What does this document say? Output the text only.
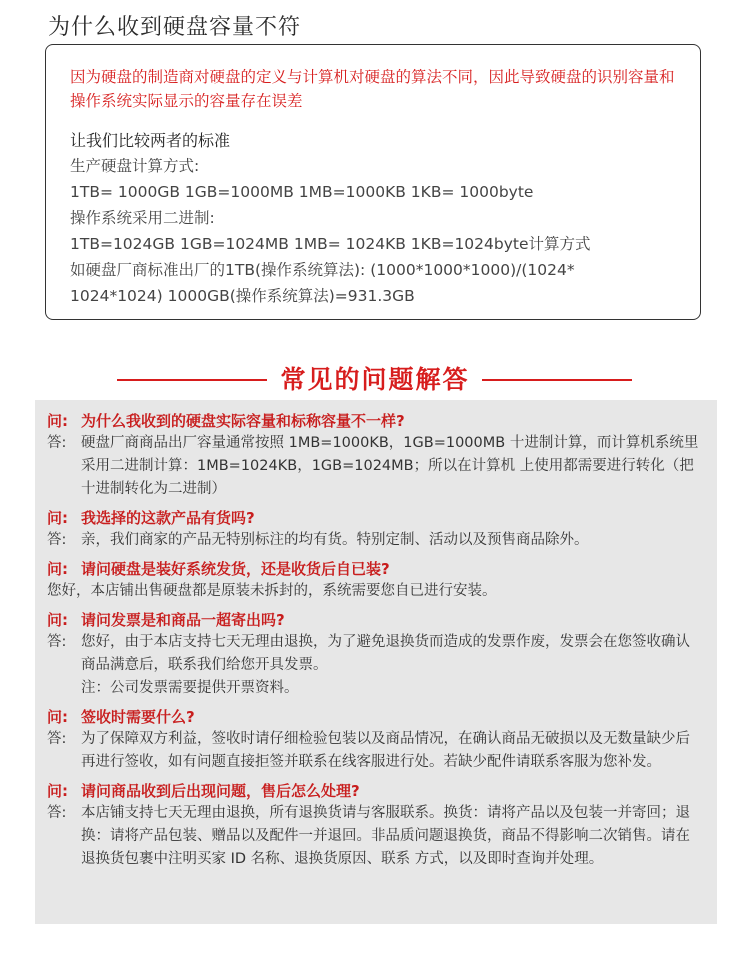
为什么收到硬盘容量不符
因为硬盘的制造商对硬盘的定义与计算机对硬盘的算法不同，因此导致硬盘的识别容量和操作系统实际显示的容量存在误差
让我们比较两者的标准
生产硬盘计算方式:
1TB= 1000GB 1GB=1000MB 1MB=1000KB 1KB= 1000byte
操作系统采用二进制:
1TB=1024GB 1GB=1024MB 1MB= 1024KB 1KB=1024byte计算方式
如硬盘厂商标准出厂的1TB(操作系统算法): (1000*1000*1000)/(1024*
1024*1024) 1000GB(操作系统算法)=931.3GB
常见的问题解答
问: 为什么我收到的硬盘实际容量和标称容量不一样?
答:	硬盘厂商商品出厂容量通常按照 1MB=1000KB，1GB=1000MB 十进制计算，而计算机系统里采用二进制计算：1MB=1024KB，1GB=1024MB；所以在计算机 上使用都需要进行转化（把十进制转化为二进制）
问: 我选择的这款产品有货吗?
答:	亲，我们商家的产品无特别标注的均有货。特别定制、活动以及预售商品除外。
问: 请问硬盘是装好系统发货，还是收货后自已装?
您好，本店铺出售硬盘都是原装未拆封的，系统需要您自已进行安装。
问: 请问发票是和商品一超寄出吗?
答:	您好，由于本店支持七天无理由退换，为了避免退换货而造成的发票作废，发票会在您签收确认商品满意后，联系我们给您开具发票。
注：公司发票需要提供开票资料。
问: 签收时需要什么?
答:	为了保障双方利益，签收时请仔细检验包装以及商品情况，在确认商品无破损以及无数量缺少后再进行签收，如有问题直接拒签并联系在线客服进行处。若缺少配件请联系客服为您补发。
问: 请问商品收到后出现问题，售后怎么处理?
答:	本店铺支持七天无理由退换，所有退换货请与客服联系。换货：请将产品以及包装一并寄回；退换：请将产品包装、赠品以及配件一并退回。非品质问题退换货，商品不得影响二次销售。请在退换货包裹中注明买家 ID 名称、退换货原因、联系 方式，以及即时查询并处理。
